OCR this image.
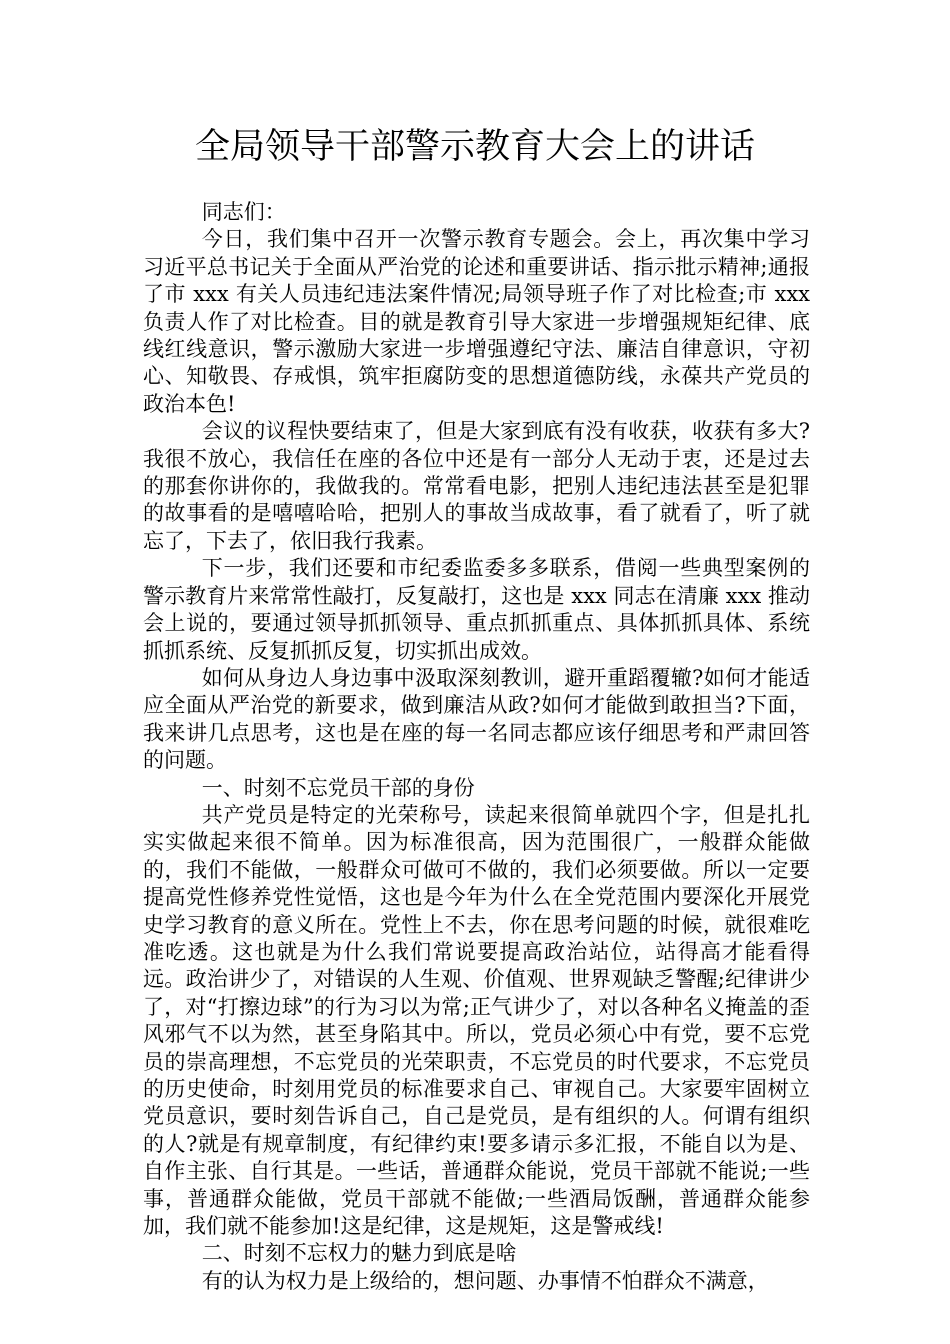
全局领导干部警示教育大会上的讲话

同志们：

今日，我们集中召开一次警示教育专题会。会上，再次集中学习习近平总书记关于全面从严治党的论述和重要讲话、指示批示精神;通报了市 xxx 有关人员违纪违法案件情况;局领导班子作了对比检查;市 xxx 负责人作了对比检查。目的就是教育引导大家进一步增强规矩纪律、底线红线意识，警示激励大家进一步增强遵纪守法、廉洁自律意识，守初心、知敬畏、存戒惧，筑牢拒腐防变的思想道德防线，永葆共产党员的政治本色!

会议的议程快要结束了，但是大家到底有没有收获，收获有多大?我很不放心，我信任在座的各位中还是有一部分人无动于衷，还是过去的那套你讲你的，我做我的。常常看电影，把别人违纪违法甚至是犯罪的故事看的是嘻嘻哈哈，把别人的事故当成故事，看了就看了，听了就忘了，下去了，依旧我行我素。

下一步，我们还要和市纪委监委多多联系，借阅一些典型案例的警示教育片来常常性敲打，反复敲打，这也是 xxx 同志在清廉 xxx 推动会上说的，要通过领导抓抓领导、重点抓抓重点、具体抓抓具体、系统抓抓系统、反复抓抓反复，切实抓出成效。

如何从身边人身边事中汲取深刻教训，避开重蹈覆辙?如何才能适应全面从严治党的新要求，做到廉洁从政?如何才能做到敢担当?下面，我来讲几点思考，这也是在座的每一名同志都应该仔细思考和严肃回答的问题。

一、时刻不忘党员干部的身份

共产党员是特定的光荣称号，读起来很简单就四个字，但是扎扎实实做起来很不简单。因为标准很高，因为范围很广，一般群众能做的，我们不能做，一般群众可做可不做的，我们必须要做。所以一定要提高党性修养党性觉悟，这也是今年为什么在全党范围内要深化开展党史学习教育的意义所在。党性上不去，你在思考问题的时候，就很难吃准吃透。这也就是为什么我们常说要提高政治站位，站得高才能看得远。政治讲少了，对错误的人生观、价值观、世界观缺乏警醒;纪律讲少了，对“打擦边球”的行为习以为常;正气讲少了，对以各种名义掩盖的歪风邪气不以为然，甚至身陷其中。所以，党员必须心中有党，要不忘党员的崇高理想，不忘党员的光荣职责，不忘党员的时代要求，不忘党员的历史使命，时刻用党员的标准要求自己、审视自己。大家要牢固树立党员意识，要时刻告诉自己，自己是党员，是有组织的人。何谓有组织的人?就是有规章制度，有纪律约束!要多请示多汇报，不能自以为是、自作主张、自行其是。一些话，普通群众能说，党员干部就不能说;一些事，普通群众能做，党员干部就不能做;一些酒局饭酬，普通群众能参加，我们就不能参加!这是纪律，这是规矩，这是警戒线!

二、时刻不忘权力的魅力到底是啥

有的认为权力是上级给的，想问题、办事情不怕群众不满意，
